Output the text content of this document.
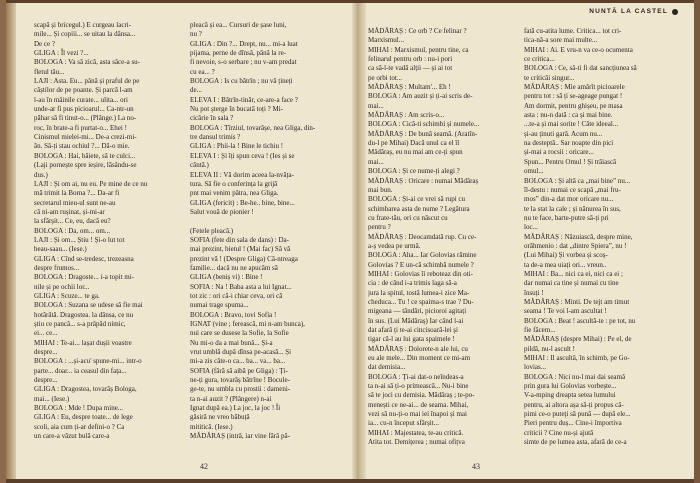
scapă și bricegul.) E curgeau lacri-

mile... Și copiii... se uitau la dânsa...

De ce ?

GLIGA : Îl vezi ?...

BOLOGA : Va să zică, asta săce-a su-

fletul tău...

LAJI : Asta. Eu... până și praful de pe

căștilor de pe poante. Și parcă l-am

l-au în mâinile curate... ulita... ori

unde-ar fi pus picioarul... Ca-ntr-un

păhar să fi tinut-o... (Plânge.) La no-

roc, în brate-a fi purtat-o... Ehei !

Cinismul mielei-mi... De-a crezi-mi-

ăn. Să-ți stau ochiul ?... Dă-o mie.

BOLOGA : Hai, băiete, să te culci...

(Laji pornește spre ieșire, lăsându-se

dus.)

LAJI : Și om ai, nu eu. Pe mine de ce nu

mă trimit la Borna ?... Da-ar fi

secretarul mieu-ul sunt ne-au

că ni-am rușinat, și-mi-ar

la sfârșit... Ce, eu, dacă eu?

BOLOGA : Da, om... om...

LAJI : Și om... Știu ! Și-o lut tot

beau-saau... (Iese.)

GLIGA : Cînd se-tredesc, trezeasna

despre frumos...

BOLOGA : Dragoste... i-a topit mi-

nile și pe ochii lor...

GLIGA : Scuze... te ga.

BOLOGA : Suzana se udese să fie mai

hotărâtă. Dragostea. la dânsa, ce nu

știu ce pancă... s-a prăpăd nimic,

ei... ce...

MIHAI : Te-ai... lașat dușii voastre

despre...

BOLOGA : ...și-acu' spune-mi... intr-o

parte... doar... ia ceasul din fața...

despre...

GLIGA : Dragostea, tovarăș Bologa,

mai... (Iese.)

BOLOGA : Mde ! Dupa mine...

GLIGA : Eu, despre toate... de lege

scoli, aia cum ți-ar defini-o ? Ca

un care-a văzut bulă care-a

pleacă și ea... Cursuri de șase luni,

nu ?

GLIGA : Din ?... Drept, nu... mi-a luat

pijama, perne de dînsă, până la re-

fi nevoie, s-o serbare ; nu v-am predat

cu ea... ?

BOLOGA : Is cu bătrîn ; nu vă țineți

de...

ELEVA I : Bătrîn-tinăr, ce-are-a face ?

Nu pot șterge în bucată toți ? Mi-

cicărie în sala ?

BOLOGA : Tîrziul, tovarășe, nea Gliga, din-

tre dansul trimis ?

GLIGA : Phii-la ! Bine le tichiu !

ELEVA I : Și îți spun ceva ! (Ies și se

cântă.)

ELEVA II : Vă dorim aceea la-nvăța-

tura. Să fie o conferința la grijă

pnt mai venim pătra, nea Gliga.

GLIGA (fericit) : Be-he.. bine, bine...

Salut vouă de pionier !

(Fetele pleacă.)

SOFIA (fete din sala de dans) : Da-

mai prezint, bietul ! (Mai fac) Să vă

prezint vă ! (Despre Gliga) Că-ntreaga

familie... dacă nu ne apucăm să

GLIGA (beniș vi) : Bine !

SOFIA : Na ! Baba asta a lui Ignat...

tot zic : ori că-i chiar ceva, ori că

numai trage spuma...

BOLOGA : Bravo, tovi Sofia !

IGNAT (vine ; ferească, mi n-am bunca),

nui care se dusese la Sofie, la Sofie

Nu mi-o da a mai bună... Și-a

vrut umblă după dînsa pe-acasă... Și

mi-a zis câte-o ca... ba... va... ba...

SOFIA (fără să aibă pe Gliga) : Ți-

ne-ți gura, tovarăș bătrîne ! Bocule-

ge-te, nu umbla cu prostii : dameni-

ta n-ai auzit ? (Plângere) n-ai

Ignat după ea.) La joc, la joc ! Îi

găsiră ne vreo băbuță

mititică. (Iese.)

MĂDĂRAȘ (intră, iar vine fără pă-

42
NUNTĂ LA CASTEL

MĂDĂRAȘ : Ce orb ? Ce felinar ?

Marxismul...

MIHAI : Marxismul, pentru tine, ca

felinarul pentru orb : nu-i pori

ca să-l-te vadă alții — și ai tot

pe orbi tot...

MĂDĂRAȘ : Multam'... Eh !

BOLOGA : Am auzit și ți-ai scris de-

mai...

MĂDĂRAȘ : Am scris-o...

BOLOGA : Cică-ti schimbi și numele...

MĂDĂRAȘ : De bună seamă. (Aratîn-

du-l pe Mihai) Dacă unul ca el îl

Mădăraș, eu nu mai am ce-ți spun

mai...

BOLOGA : Și ce nume-ți alegi ?

MĂDĂRAȘ : Oricare : numai Mădăraș

mai bun.

BOLOGA : Și-ai ce vrei să rupi cu

schimbarea asta de nume ? Legătura

cu frate-tău, ori cu născut cu

pentru ?

MĂDĂRAȘ : Deocamdată rup. Cu ce-

a-ș vedea pe urmă.

BOLOGA : Aha... Iar Golovias rămine

Golovias ? E un-că schimbă numele ?

MIHAI : Golovias îi reboteaz din oti-

cia : de când i-a trimis laga să-a

jura la spitul, tostă lumea-i zice Ma-

cheduca... Tu ! ce spaima-s trae ? Du-

migeana — tândări, picioroi agitați

în sus. (Lui Mădăraș) Iar când l-ai

dat afară ți te-ai cincisoară-lei și

tigar că-l au lui gata spaimele !

MĂDĂRAȘ : Dolorete-n ale lui, cu

eu ale mele... Din moment ce mi-am

dat demisia...

BOLOGA : Ți-ai dat-o neîndeas-a

ta n-ai să ți-o primească... Nu-i bine

să te joci cu demisia. Mădăraș ; te-po-

menești ce ne-ai... de seama. Mihai,

vezi să nu-ți-o mai iei înapoi și mai

ia... cu-n început sfârșit...

MIHAI : Majestatea, te-au critică.

Atita tot. Demițerea ; numai ofițva

fată cu-atita lume. Critica... tot cri-

tica-nă-a sore mai multe...

MIHAI : Ai. E vru-n va ce-o ocumenta

ce critica...

BOLOGA : Ce, să-ti fi dat sancțiunea să

te criticăi singur...

MĂDĂRAȘ : Mie amărît picioarele

pentru tot : să ți se-ageage pungat !

Am dormit, pentru ghișeu, pe masa

asta : nu-n dată : ca și mai bine.

...te-a și mai sorite ! Câte ideeal...

și-au ținuti gară. Acum nu...

na desteptă.. Sar noapte din pici

și-mai a rocsii : oricare...

Spun... Pentru Omul ! Și trăiască

omul...

BOLOGA : Și altă ca „mai bine” nu...

îl-destu : numai ce scapă „mai fru-

mos” din-a dat mor oricare nu...

te la stat la cale ; și nănurea în sus,

nu te face, barte-putre să-ți pri

loc...

MĂDĂRAȘ : Năzuiască, despre mine,

orăhmenio : dat „dintre Spiera”, nu !

(Lui Mihai) Și vorbea și scoș-

ta de-a mea uiați ori... vreun..

MIHAI : Ba... nici ca ei, nici ca ei ;

dar numai ca tine și numai cu tine

însuți !

MĂDĂRAȘ : Minti. De tejt am timut

seama ! Te voi l-am ascultat !

BOLOGA : Beat ! ascultă-te : pe tot, nu

fie făcem...

MĂDĂRAȘ (despre Mihai) : Pe el, de

pildă, nu-l ascult !

MIHAI : Il ascultă, în schimb, pe Go-

lovias...

BOLOGA : Nici nu-l mai dai seamă

prin gura lui Golovias vorbește...

V-a-mping dreapta setea lumului

pentru, ai altora așa să-ți propus câ-

pimi ce-o puteți să pună — după ele...

Pieri pentru duș... Cine-i împortiva

criticii ? Cine nu-și ajută

simte de pe lumea asta, afară de ce-a

43
